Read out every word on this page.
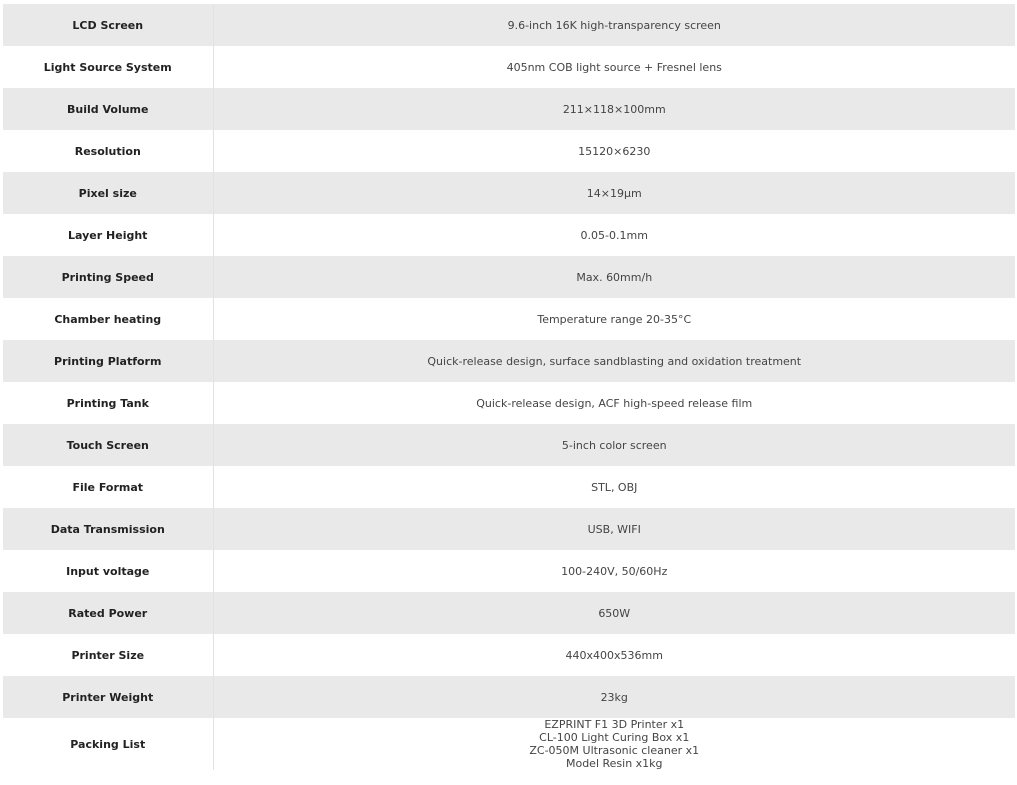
LCD Screen	9.6-inch 16K high-transparency screen
Light Source System	405nm COB light source + Fresnel lens
Build Volume	211×118×100mm
Resolution	15120×6230
Pixel size	14×19μm
Layer Height	0.05-0.1mm
Printing Speed	Max. 60mm/h
Chamber heating	Temperature range 20-35°C
Printing Platform	Quick-release design, surface sandblasting and oxidation treatment
Printing Tank	Quick-release design, ACF high-speed release film
Touch Screen	5-inch color screen
File Format	STL, OBJ
Data Transmission	USB, WIFI
Input voltage	100-240V, 50/60Hz
Rated Power	650W
Printer Size	440x400x536mm
Printer Weight	23kg
Packing List	EZPRINT F1 3D Printer x1
CL-100 Light Curing Box x1
ZC-050M Ultrasonic cleaner x1
Model Resin x1kg
